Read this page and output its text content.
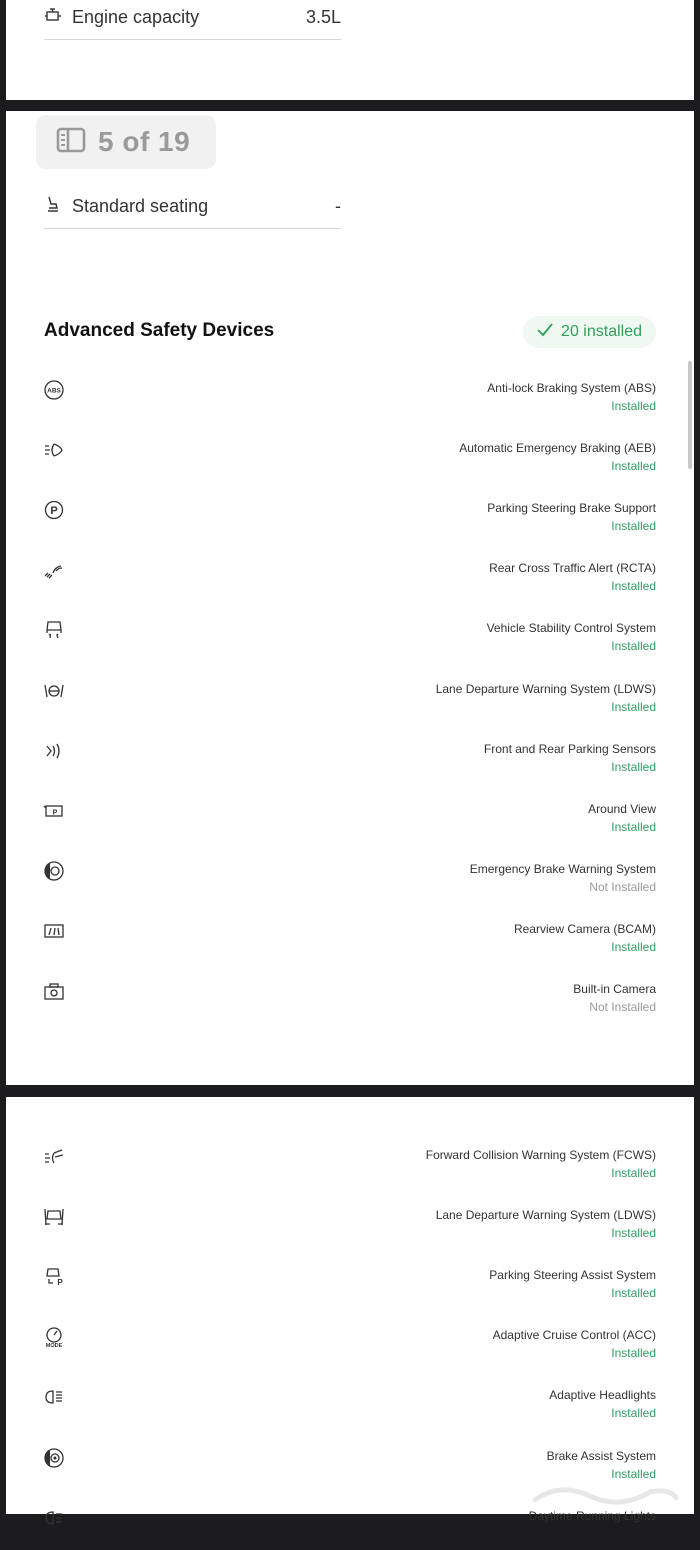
Engine capacity	3.5L
5 of 19
Standard seating	-
Advanced Safety Devices	20 installed
ABS	Anti-lock Braking System (ABS)
Installed
Automatic Emergency Braking (AEB)
Installed
P	Parking Steering Brake Support
Installed
Rear Cross Traffic Alert (RCTA)
Installed
Vehicle Stability Control System
Installed
Lane Departure Warning System (LDWS)
Installed
Front and Rear Parking Sensors
Installed
P	Around View
Installed
Emergency Brake Warning System
Not Installed
Rearview Camera (BCAM)
Installed
Built-in Camera
Not Installed
Forward Collision Warning System (FCWS)
Installed
Lane Departure Warning System (LDWS)
Installed
P
Parking Steering Assist System
Installed
MODE
Adaptive Cruise Control (ACC)
Installed
Adaptive Headlights
Installed
Brake Assist System
Installed
Daytime Running Lights
